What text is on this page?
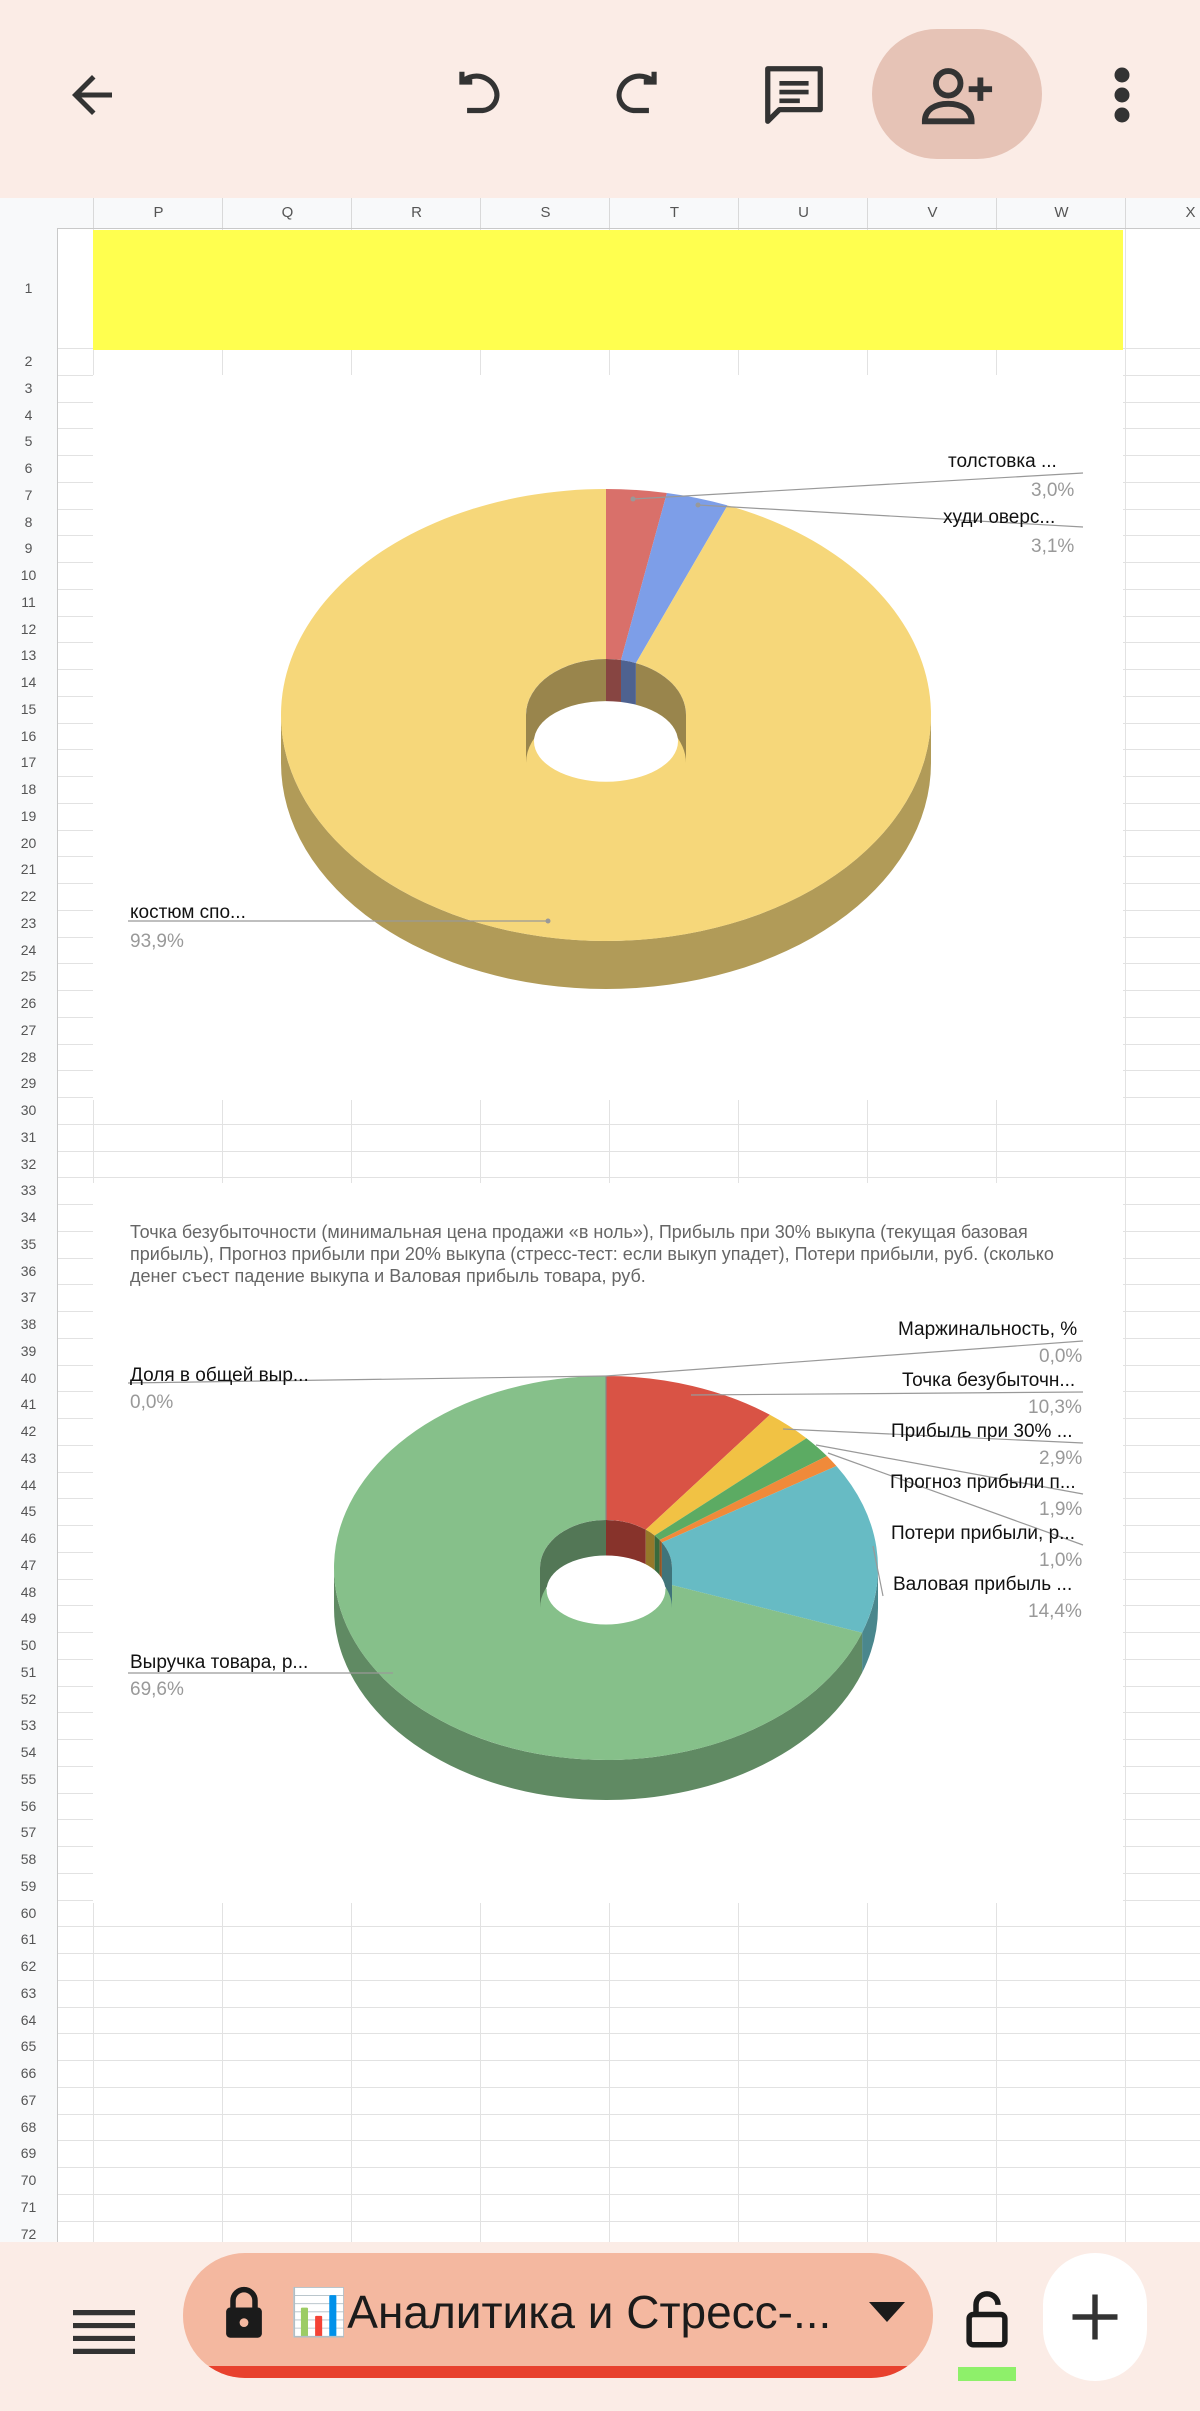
P	Q	R	S	T	U	V	W	X
1
2
3
4
5
6
7
8
9
10
11
12
13
14
15
16
17
18
19
20
21
22
23
24
25
26
27
28
29
30
31
32
33
34
35
36
37
38
39
40
41
42
43
44
45
46
47
48
49
50
51
52
53
54
55
56
57
58
59
60
61
62
63
64
65
66
67
68
69
70
71
72
толстовка ...
3,0%
худи оверс...
3,1%
костюм спо...
93,9%
Точка безубыточности (минимальная цена продажи «в ноль»), Прибыль при 30% выкупа (текущая базовая прибыль), Прогноз прибыли при 20% выкупа (стресс-тест: если выкуп упадет), Потери прибыли, руб. (сколько денег съест падение выкупа и Валовая прибыль товара, руб.
Маржинальность, %
0,0%
Точка безубыточн...
10,3%
Прибыль при 30% ...
2,9%
Прогноз прибыли п...
1,9%
Потери прибыли, р...
1,0%
Валовая прибыль ...
14,4%
Доля в общей выр...
0,0%
Выручка товара, р...
69,6%
📊Аналитика и Стресс-...
